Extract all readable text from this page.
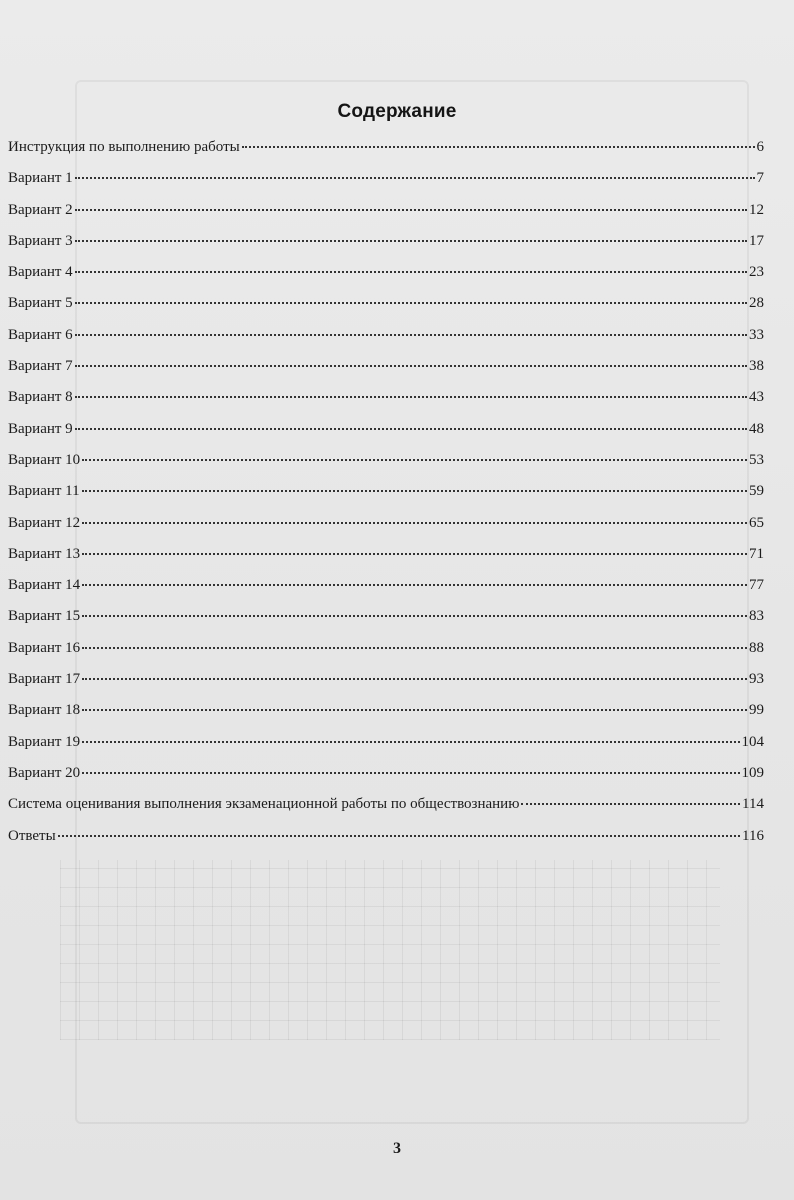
Содержание
Инструкция по выполнению работы	6
Вариант 1	7
Вариант 2	12
Вариант 3	17
Вариант 4	23
Вариант 5	28
Вариант 6	33
Вариант 7	38
Вариант 8	43
Вариант 9	48
Вариант 10	53
Вариант 11	59
Вариант 12	65
Вариант 13	71
Вариант 14	77
Вариант 15	83
Вариант 16	88
Вариант 17	93
Вариант 18	99
Вариант 19	104
Вариант 20	109
Система оценивания выполнения экзаменационной работы по обществознанию	114
Ответы	116
3
